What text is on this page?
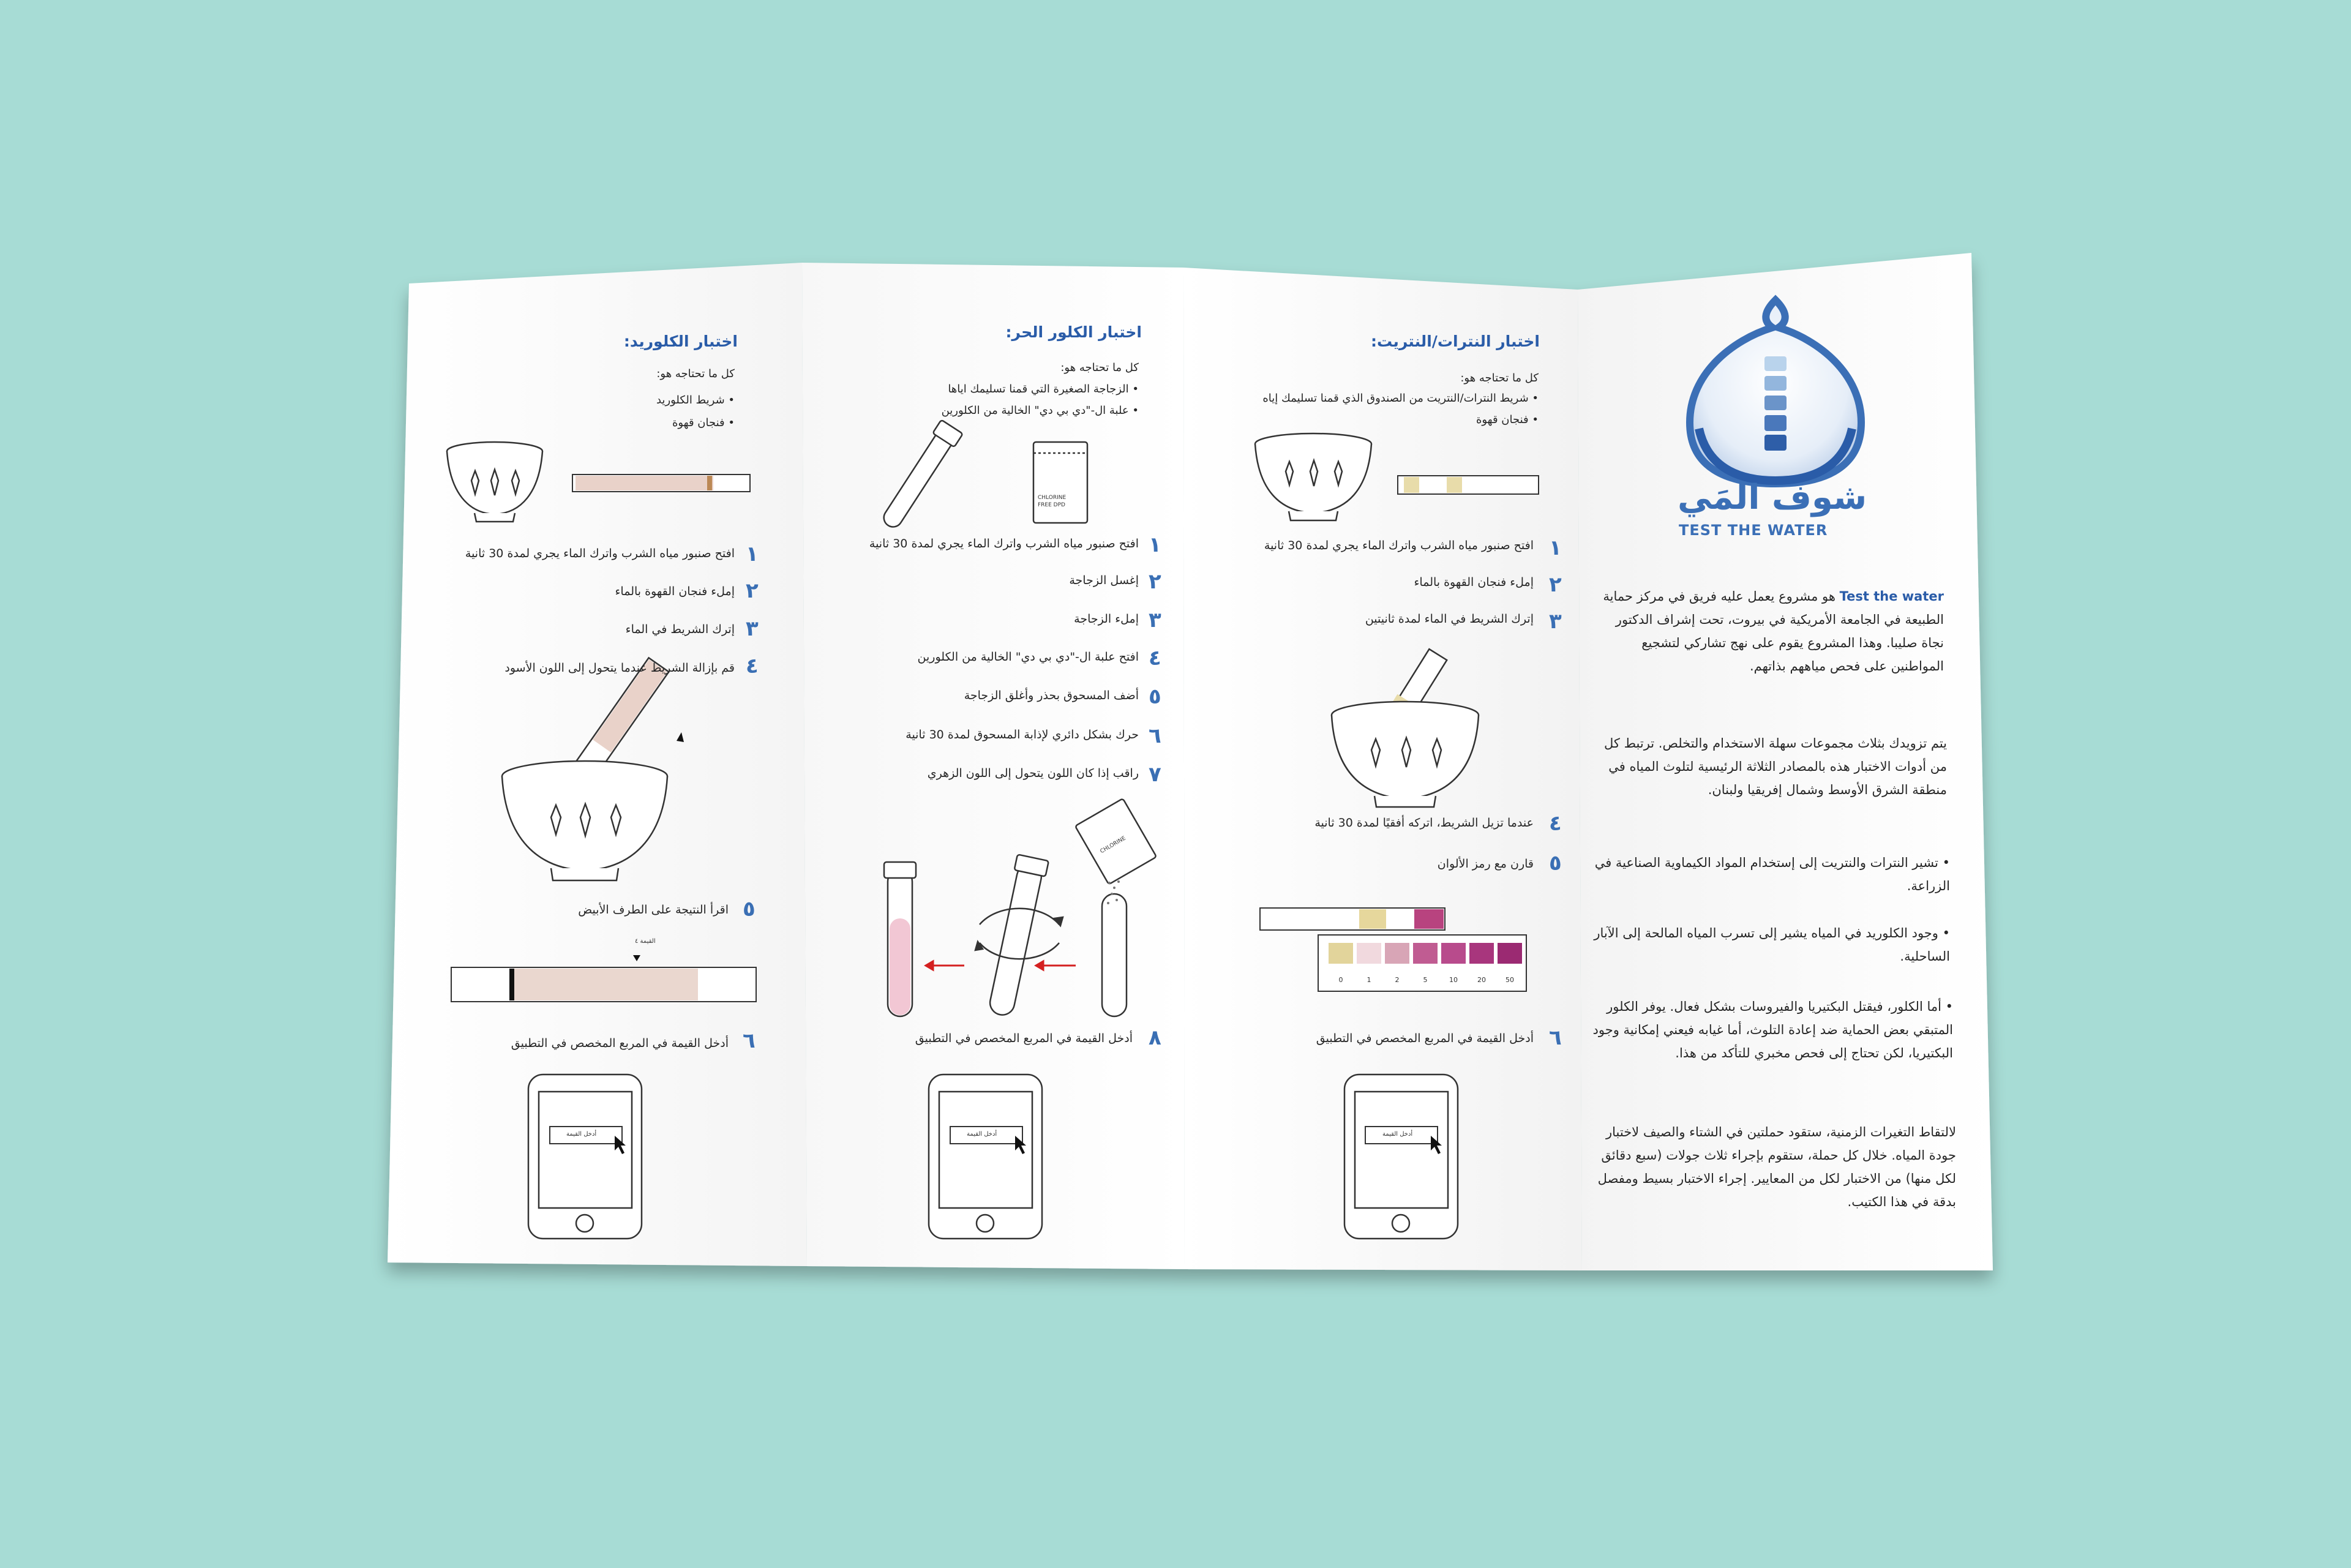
0	1	2	5	10	20	50
CHLORINE
FREE DPD
CHLORINE
شوف المَي
TEST THE WATER
Test the water هو مشروع يعمل عليه فريق في مركز حماية الطبيعة في الجامعة الأمريكية في بيروت، تحت إشراف الدكتور نجاة صليبا. وهذا المشروع يقوم على نهج تشاركي لتشجيع المواطنين على فحص مياههم بذاتهم.
يتم تزويدك بثلاث مجموعات سهلة الاستخدام والتخلص. ترتبط كل من أدوات الاختبار هذه بالمصادر الثلاثة الرئيسية لتلوث المياه في منطقة الشرق الأوسط وشمال إفريقيا ولبنان.
• تشير النترات والنتريت إلى إستخدام المواد الكيماوية الصناعية في الزراعة.
• وجود الكلوريد في المياه يشير إلى تسرب المياه المالحة إلى الآبار الساحلية.
• أما الكلور، فيقتل البكتيريا والفيروسات بشكل فعال. يوفر الكلور المتبقي بعض الحماية ضد إعادة التلوث، أما غيابه فيعني إمكانية وجود البكتيريا، لكن تحتاج إلى فحص مخبري للتأكد من هذا.
لالتقاط التغيرات الزمنية، ستقود حملتين في الشتاء والصيف لاختبار جودة المياه. خلال كل حملة، ستقوم بإجراء ثلاث جولات (سبع دقائق لكل منها) من الاختبار لكل من المعايير. إجراء الاختبار بسيط ومفصل بدقة في هذا الكتيب.
اختبار النترات/النتريت:
كل ما تحتاجه هو:
• شريط النترات/النتريت من الصندوق الذي قمنا تسليمك إياه
• فنجان قهوة
١
افتح صنبور مياه الشرب واترك الماء يجري لمدة 30 ثانية
٢
إملء فنجان القهوة بالماء
٣
إترك الشريط في الماء لمدة ثانيتين
٤
عندما تزيل الشريط، اتركه أفقيًا لمدة 30 ثانية
٥
قارن مع رمز الألوان
٦
أدخل القيمة في المربع المخصص في التطبيق
أدخل القيمة
اختبار الكلور الحر:
كل ما تحتاجه هو:
• الزجاجة الصغيرة التي قمنا تسليمك اياها
• علبة ال-"دي بي دي" الخالية من الكلورين
١
افتح صنبور مياه الشرب واترك الماء يجري لمدة 30 ثانية
٢
إغسل الزجاجة
٣
إملء الزجاجة
٤
افتح علبة ال-"دي بي دي" الخالية من الكلورين
٥
أضف المسحوق بحذر وأغلق الزجاجة
٦
حرك بشكل دائري لإذابة المسحوق لمدة 30 ثانية
٧
راقب إذا كان اللون يتحول إلى اللون الزهري
٨
أدخل القيمة في المربع المخصص في التطبيق
أدخل القيمة
اختبار الكلوريد:
كل ما تحتاجه هو:
• شريط الكلوريد
• فنجان قهوة
١
افتح صنبور مياه الشرب واترك الماء يجري لمدة 30 ثانية
٢
إملء فنجان القهوة بالماء
٣
إترك الشريط في الماء
٤
قم بإزالة الشريط عندما يتحول إلى اللون الأسود
٥
اقرأ النتيجة على الطرف الأبيض
٦
أدخل القيمة في المربع المخصص في التطبيق
القيمة ٤
أدخل القيمة
